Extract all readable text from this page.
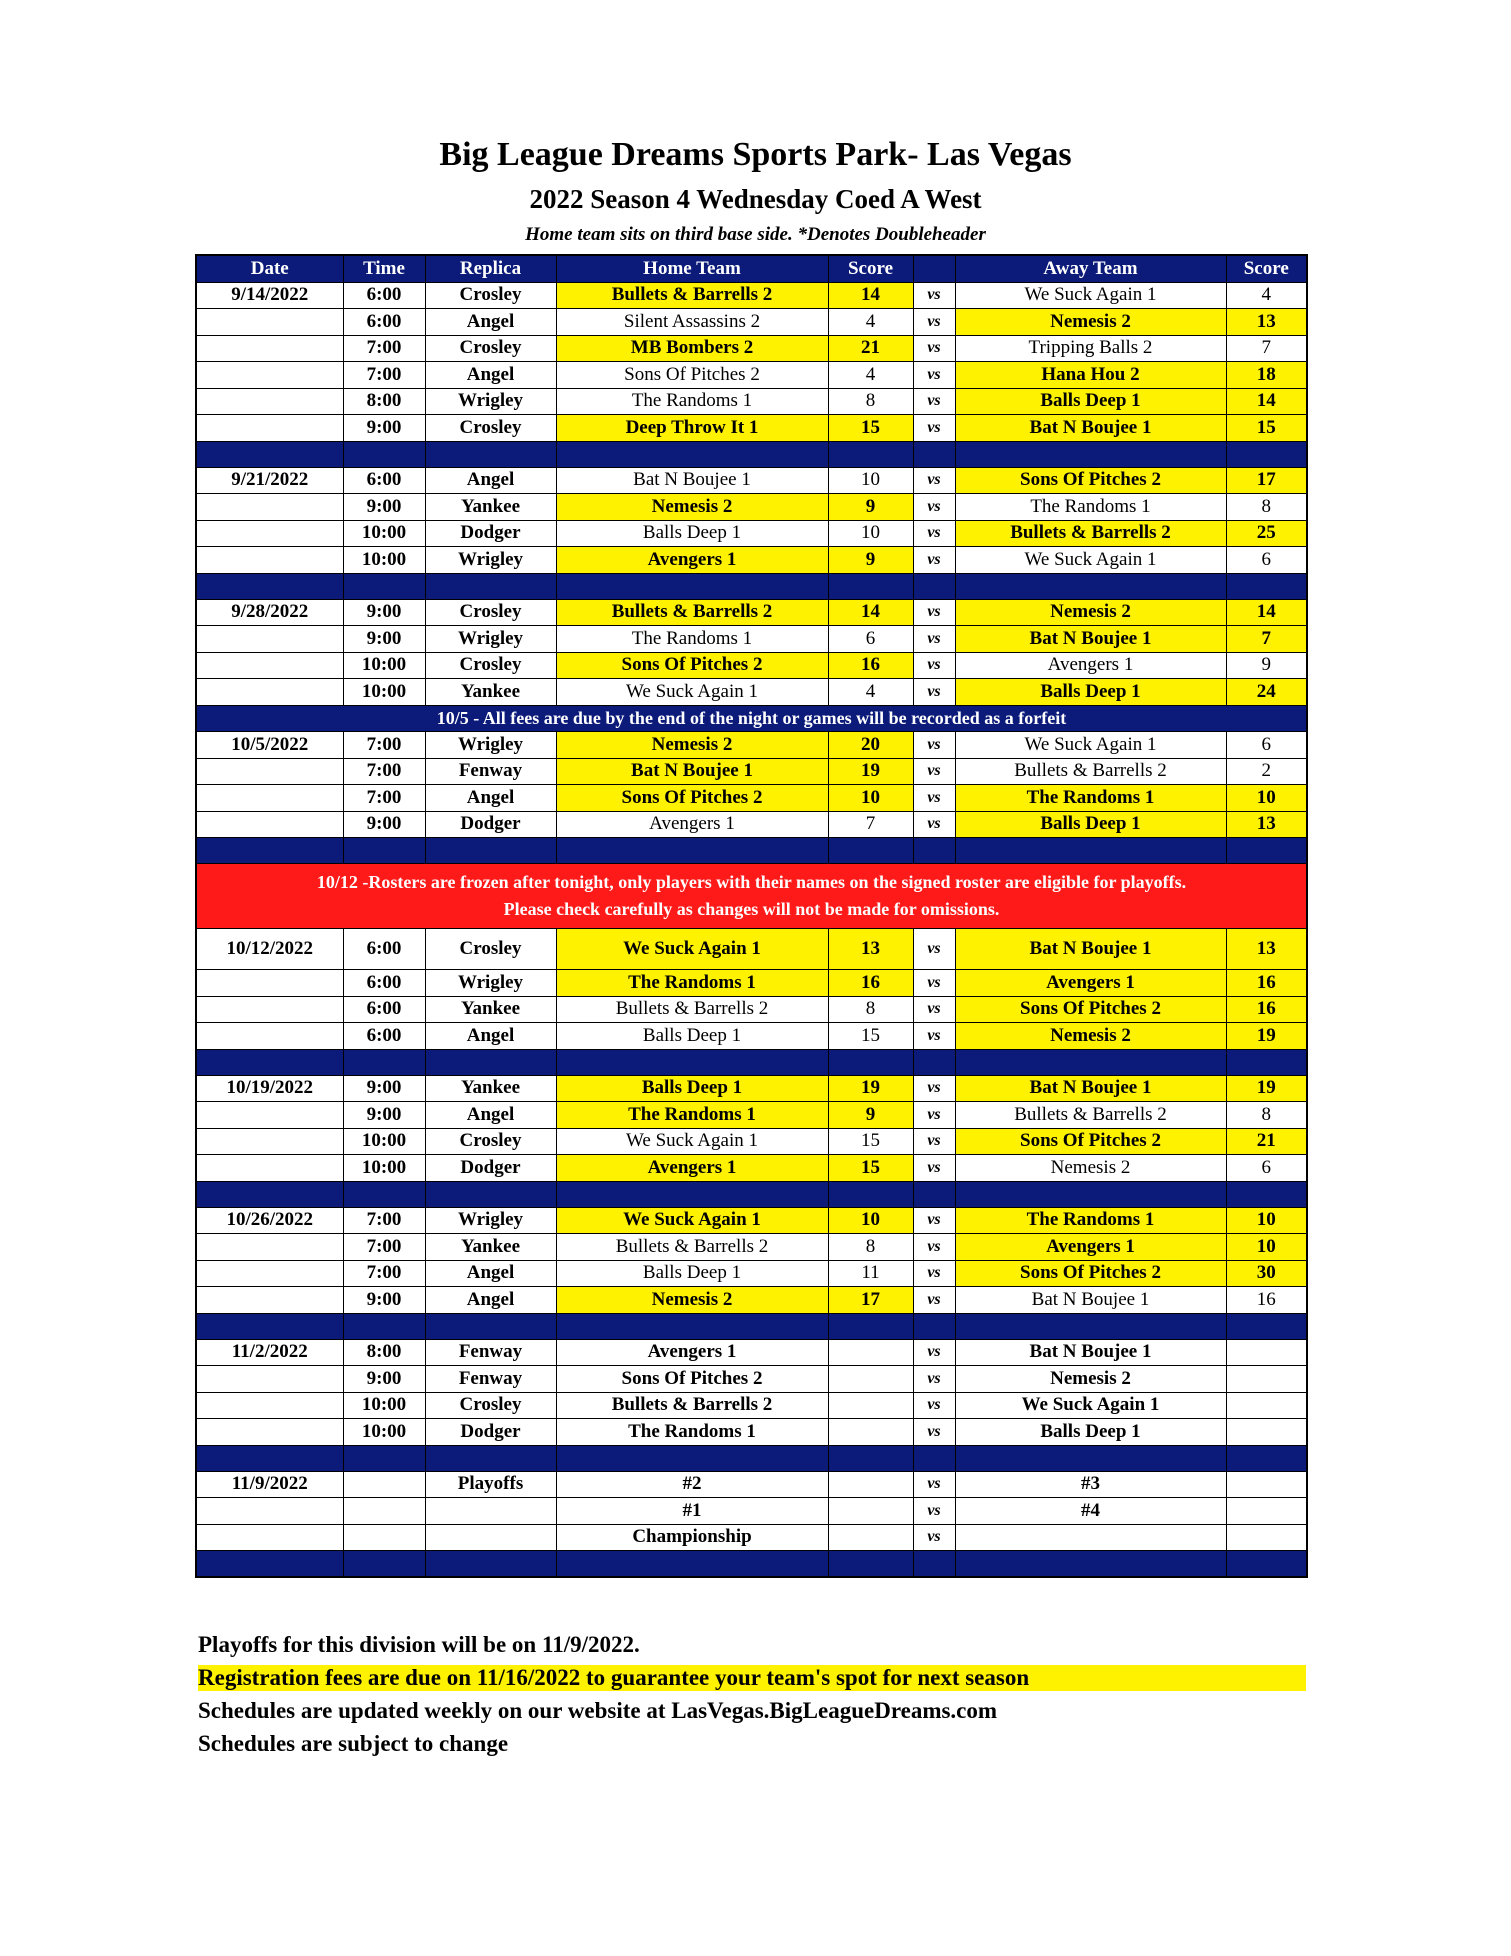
Big League Dreams Sports Park- Las Vegas
2022 Season 4 Wednesday Coed A West
Home team sits on third base side. *Denotes Doubleheader
Date	Time	Replica	Home Team	Score		Away Team	Score
9/14/2022	6:00	Crosley	Bullets & Barrells 2	14	vs	We Suck Again 1	4
	6:00	Angel	Silent Assassins 2	4	vs	Nemesis 2	13
	7:00	Crosley	MB Bombers 2	21	vs	Tripping Balls 2	7
	7:00	Angel	Sons Of Pitches 2	4	vs	Hana Hou 2	18
	8:00	Wrigley	The Randoms 1	8	vs	Balls Deep 1	14
	9:00	Crosley	Deep Throw It 1	15	vs	Bat N Boujee 1	15

9/21/2022	6:00	Angel	Bat N Boujee 1	10	vs	Sons Of Pitches 2	17
	9:00	Yankee	Nemesis 2	9	vs	The Randoms 1	8
	10:00	Dodger	Balls Deep 1	10	vs	Bullets & Barrells 2	25
	10:00	Wrigley	Avengers 1	9	vs	We Suck Again 1	6

9/28/2022	9:00	Crosley	Bullets & Barrells 2	14	vs	Nemesis 2	14
	9:00	Wrigley	The Randoms 1	6	vs	Bat N Boujee 1	7
	10:00	Crosley	Sons Of Pitches 2	16	vs	Avengers 1	9
	10:00	Yankee	We Suck Again 1	4	vs	Balls Deep 1	24
10/5 - All fees are due by the end of the night or games will be recorded as a forfeit							
10/5/2022	7:00	Wrigley	Nemesis 2	20	vs	We Suck Again 1	6
	7:00	Fenway	Bat N Boujee 1	19	vs	Bullets & Barrells 2	2
	7:00	Angel	Sons Of Pitches 2	10	vs	The Randoms 1	10
	9:00	Dodger	Avengers 1	7	vs	Balls Deep 1	13

10/12 -Rosters are frozen after tonight, only players with their names on the signed roster are eligible for playoffs.
Please check carefully as changes will not be made for omissions.							

10/12/2022	6:00	Crosley	We Suck Again 1	13	vs	Bat N Boujee 1	13
	6:00	Wrigley	The Randoms 1	16	vs	Avengers 1	16
	6:00	Yankee	Bullets & Barrells 2	8	vs	Sons Of Pitches 2	16
	6:00	Angel	Balls Deep 1	15	vs	Nemesis 2	19

10/19/2022	9:00	Yankee	Balls Deep 1	19	vs	Bat N Boujee 1	19
	9:00	Angel	The Randoms 1	9	vs	Bullets & Barrells 2	8
	10:00	Crosley	We Suck Again 1	15	vs	Sons Of Pitches 2	21
	10:00	Dodger	Avengers 1	15	vs	Nemesis 2	6

10/26/2022	7:00	Wrigley	We Suck Again 1	10	vs	The Randoms 1	10
	7:00	Yankee	Bullets & Barrells 2	8	vs	Avengers 1	10
	7:00	Angel	Balls Deep 1	11	vs	Sons Of Pitches 2	30
	9:00	Angel	Nemesis 2	17	vs	Bat N Boujee 1	16

11/2/2022	8:00	Fenway	Avengers 1		vs	Bat N Boujee 1	
	9:00	Fenway	Sons Of Pitches 2		vs	Nemesis 2	
	10:00	Crosley	Bullets & Barrells 2		vs	We Suck Again 1	
	10:00	Dodger	The Randoms 1		vs	Balls Deep 1	

11/9/2022		Playoffs	#2		vs	#3	
			#1		vs	#4	
			Championship		vs		

Playoffs for this division will be on 11/9/2022.
Registration fees are due on 11/16/2022 to guarantee your team's spot for next season
Schedules are updated weekly on our website at LasVegas.BigLeagueDreams.com
Schedules are subject to change
